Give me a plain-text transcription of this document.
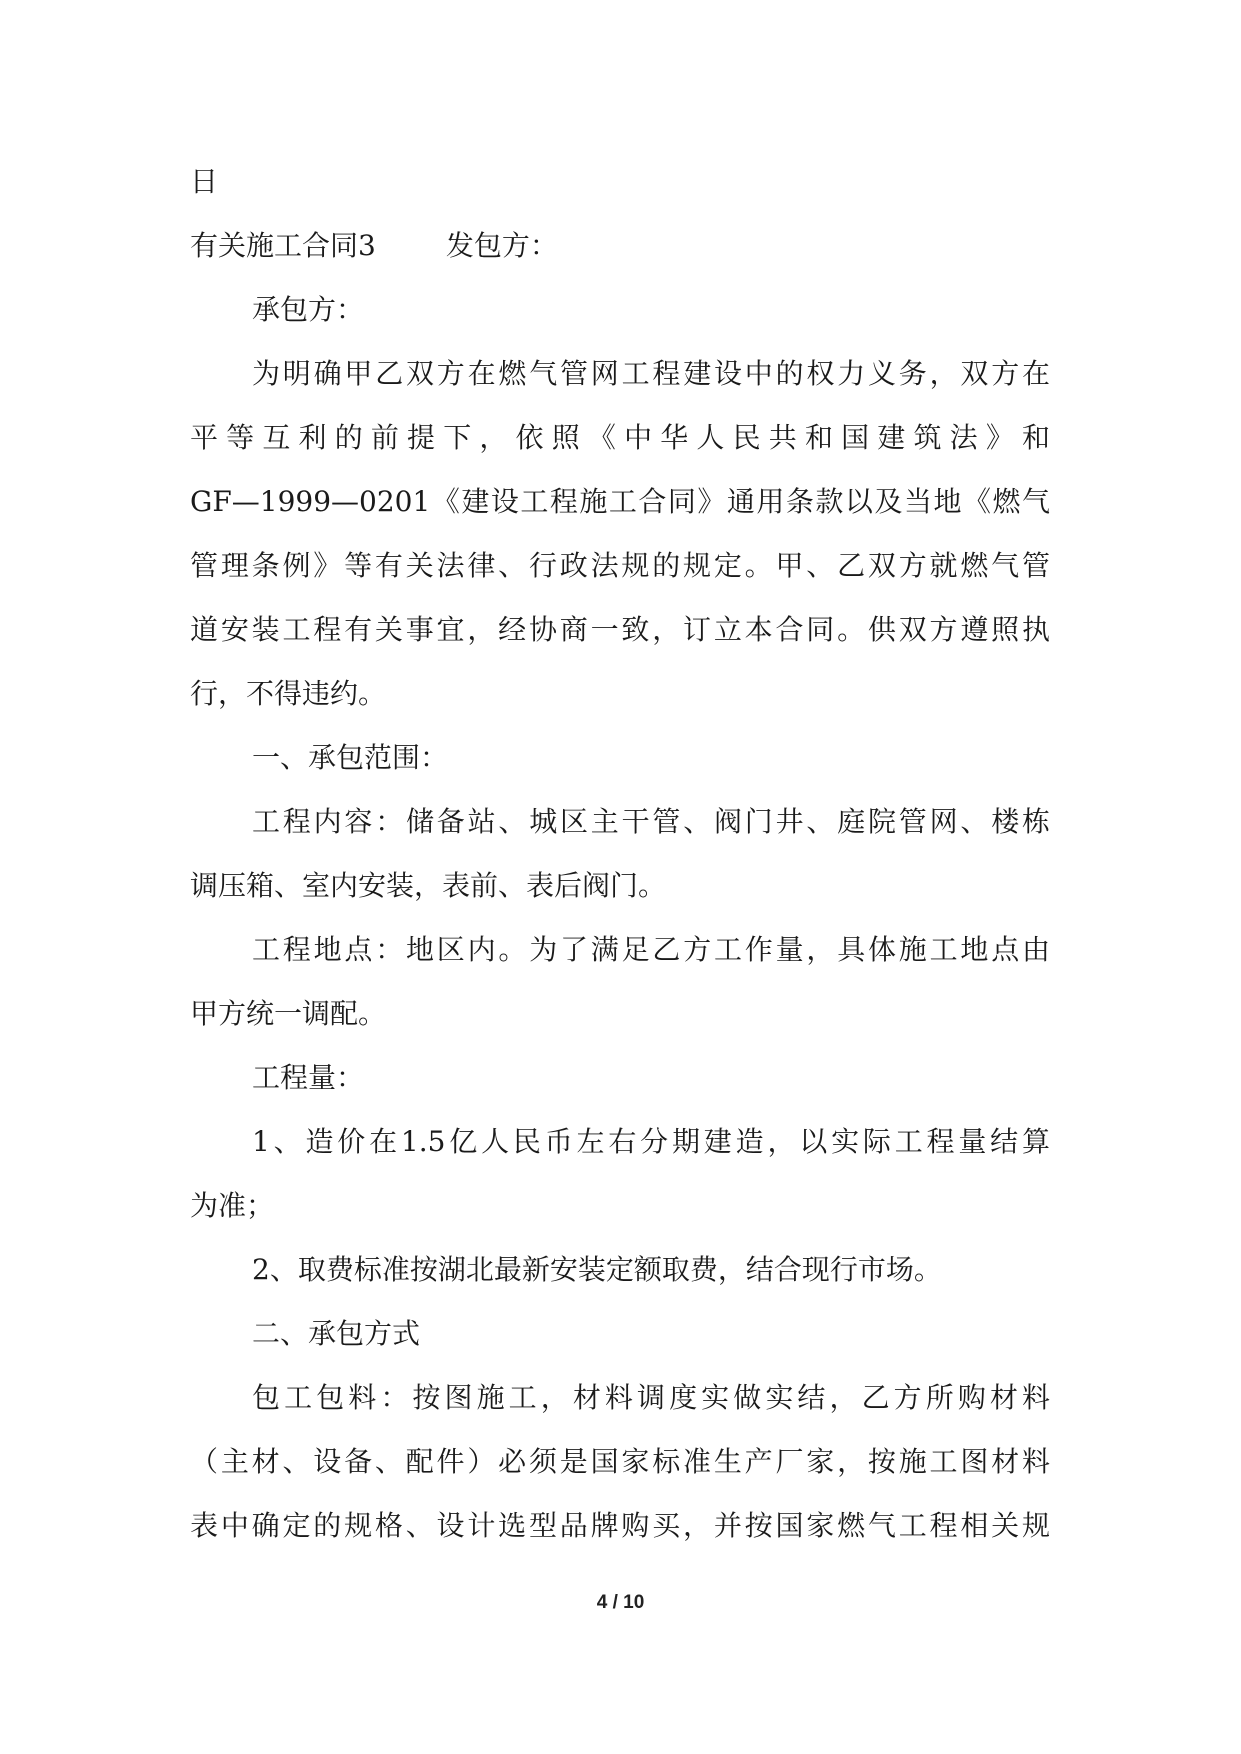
日
有关施工合同3	发包方：
承包方：
为明确甲乙双方在燃气管网工程建设中的权力义务，双方在
平等互利的前提下，依照《中华人民共和国建筑法》和
GF—1999—0201《建设工程施工合同》通用条款以及当地《燃气
管理条例》等有关法律、行政法规的规定。甲、乙双方就燃气管
道安装工程有关事宜，经协商一致，订立本合同。供双方遵照执
行，不得违约。
一、承包范围：
工程内容：储备站、城区主干管、阀门井、庭院管网、楼栋
调压箱、室内安装，表前、表后阀门。
工程地点：地区内。为了满足乙方工作量，具体施工地点由
甲方统一调配。
工程量：
1、造价在1.5亿人民币左右分期建造，以实际工程量结算
为准；
2、取费标准按湖北最新安装定额取费，结合现行市场。
二、承包方式
包工包料：按图施工，材料调度实做实结，乙方所购材料
（主材、设备、配件）必须是国家标准生产厂家，按施工图材料
表中确定的规格、设计选型品牌购买，并按国家燃气工程相关规
4 / 10
